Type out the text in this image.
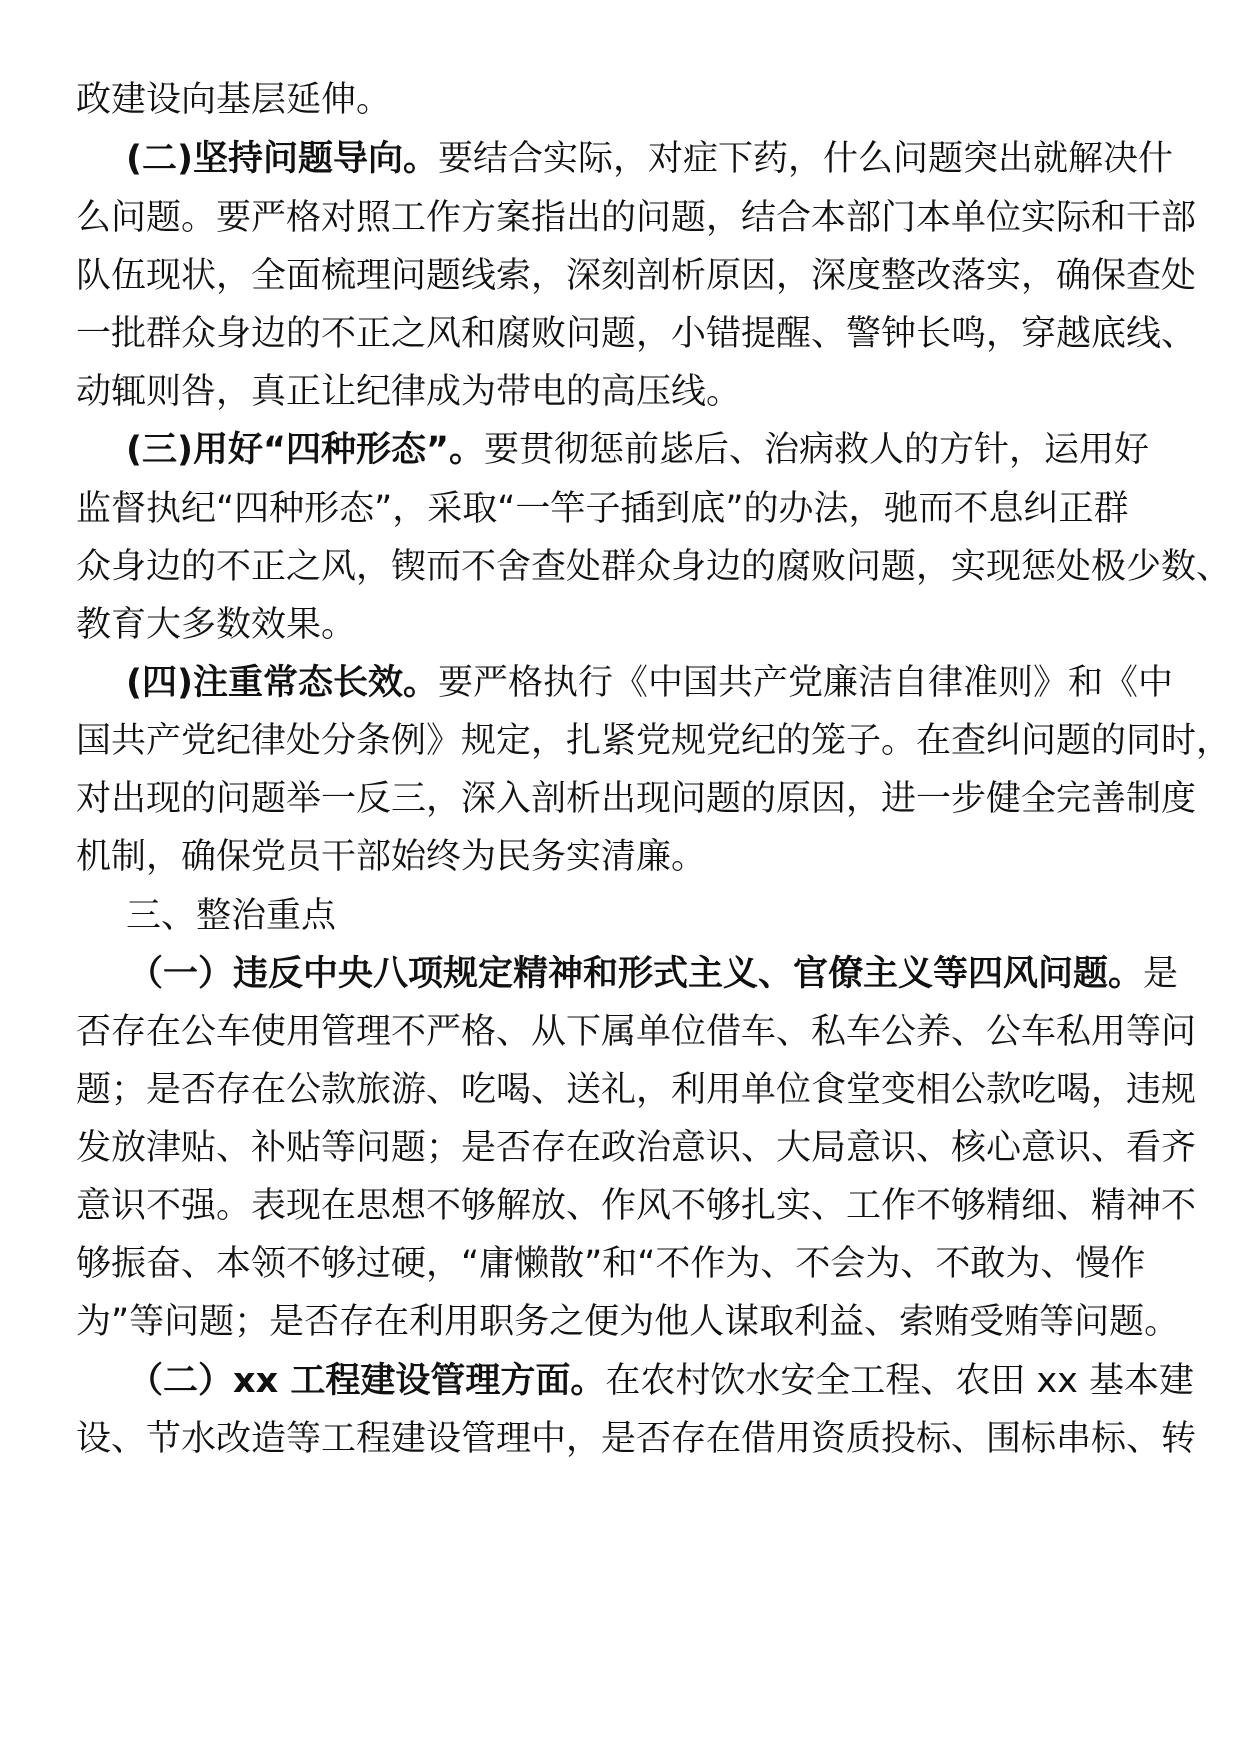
政建设向基层延伸。
(二)坚持问题导向。要结合实际，对症下药，什么问题突出就解决什
么问题。要严格对照工作方案指出的问题，结合本部门本单位实际和干部
队伍现状，全面梳理问题线索，深刻剖析原因，深度整改落实，确保查处
一批群众身边的不正之风和腐败问题，小错提醒、警钟长鸣，穿越底线、
动辄则咎，真正让纪律成为带电的高压线。
(三)用好“四种形态”。要贯彻惩前毖后、治病救人的方针，运用好
监督执纪“四种形态”，采取“一竿子插到底”的办法，驰而不息纠正群
众身边的不正之风，锲而不舍查处群众身边的腐败问题，实现惩处极少数、
教育大多数效果。
(四)注重常态长效。要严格执行《中国共产党廉洁自律准则》和《中
国共产党纪律处分条例》规定，扎紧党规党纪的笼子。在查纠问题的同时，
对出现的问题举一反三，深入剖析出现问题的原因，进一步健全完善制度
机制，确保党员干部始终为民务实清廉。
三、整治重点
（一）违反中央八项规定精神和形式主义、官僚主义等四风问题。是
否存在公车使用管理不严格、从下属单位借车、私车公养、公车私用等问
题；是否存在公款旅游、吃喝、送礼，利用单位食堂变相公款吃喝，违规
发放津贴、补贴等问题；是否存在政治意识、大局意识、核心意识、看齐
意识不强。表现在思想不够解放、作风不够扎实、工作不够精细、精神不
够振奋、本领不够过硬，“庸懒散”和“不作为、不会为、不敢为、慢作
为”等问题；是否存在利用职务之便为他人谋取利益、索贿受贿等问题。
（二）xx 工程建设管理方面。在农村饮水安全工程、农田 xx 基本建
设、节水改造等工程建设管理中，是否存在借用资质投标、围标串标、转
